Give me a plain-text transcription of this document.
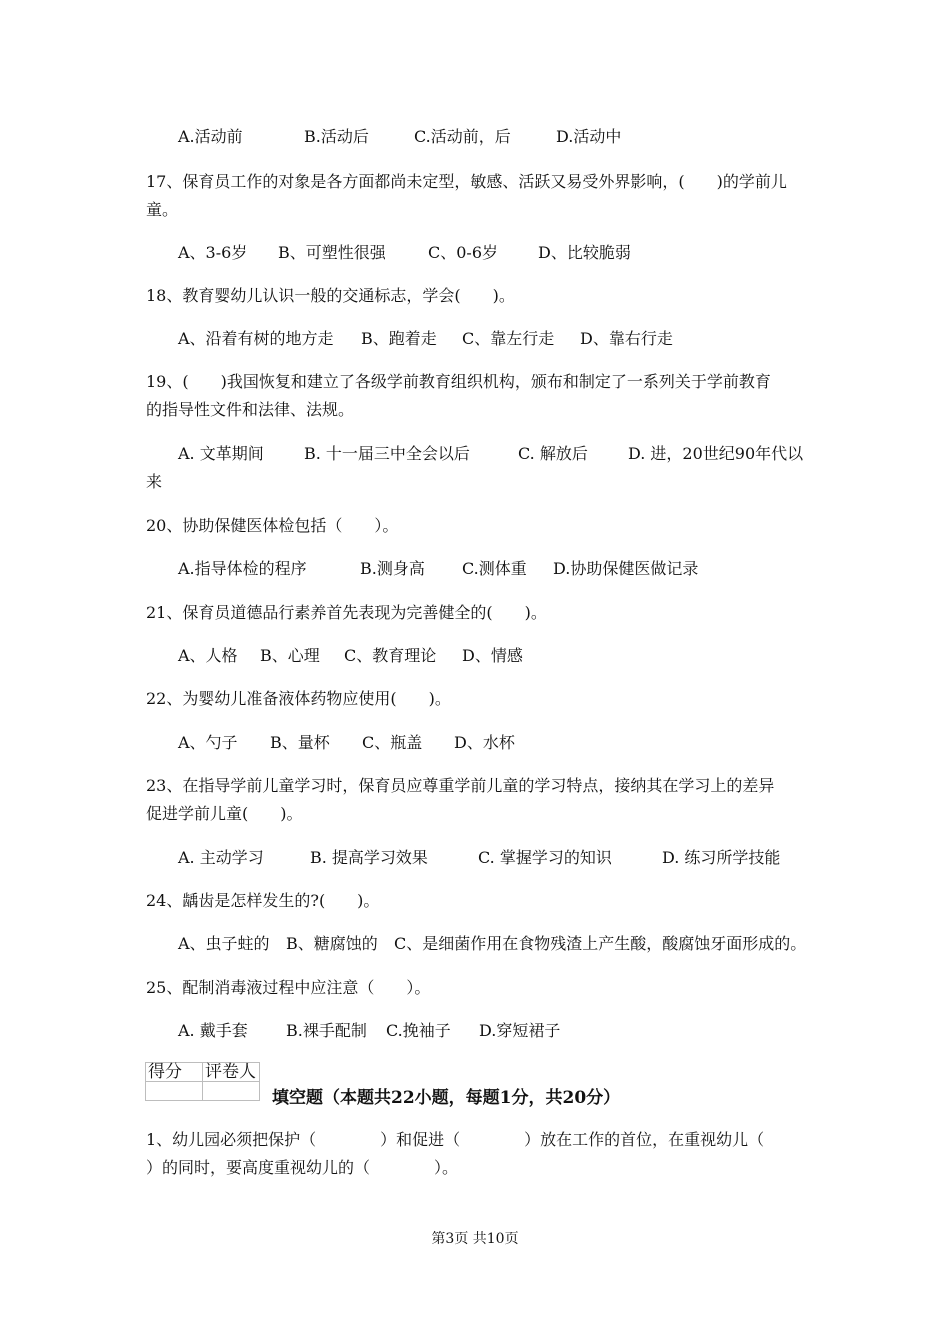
A.活动前	B.活动后	C.活动前，后	D.活动中
17、保育员工作的对象是各方面都尚未定型，敏感、活跃又易受外界影响，(　　)的学前儿
童。
A、3-6岁 B、可塑性很强	C、0-6岁 D、比较脆弱
18、教育婴幼儿认识一般的交通标志，学会(　　)。
A、沿着有树的地方走 B、跑着走 C、靠左行走 D、靠右行走
19、(　　)我国恢复和建立了各级学前教育组织机构，颁布和制定了一系列关于学前教育
的指导性文件和法律、法规。
A. 文革期间	B. 十一届三中全会以后	C. 解放后	D. 进，20世纪90年代以
来
20、协助保健医体检包括（　　）。
A.指导体检的程序	B.测身高 C.测体重 D.协助保健医做记录
21、保育员道德品行素养首先表现为完善健全的(　　)。
A、人格 B、心理 C、教育理论 D、情感
22、为婴幼儿准备液体药物应使用(　　)。
A、勺子 B、量杯 C、瓶盖 D、水杯
23、在指导学前儿童学习时，保育员应尊重学前儿童的学习特点，接纳其在学习上的差异
促进学前儿童(　　)。
A. 主动学习	B. 提高学习效果	C. 掌握学习的知识	D. 练习所学技能
24、龋齿是怎样发生的?(　　)。
A、虫子蛀的 B、糖腐蚀的 C、是细菌作用在食物残渣上产生酸，酸腐蚀牙面形成的。
25、配制消毒液过程中应注意（　　）。
A. 戴手套 B.裸手配制 C.挽袖子 D.穿短裙子
得分	评卷人

填空题（本题共22小题，每题1分，共20分）
1、幼儿园必须把保护（　　　　）和促进（　　　　）放在工作的首位，在重视幼儿（
）的同时，要高度重视幼儿的（　　　　）。
第3页 共10页
